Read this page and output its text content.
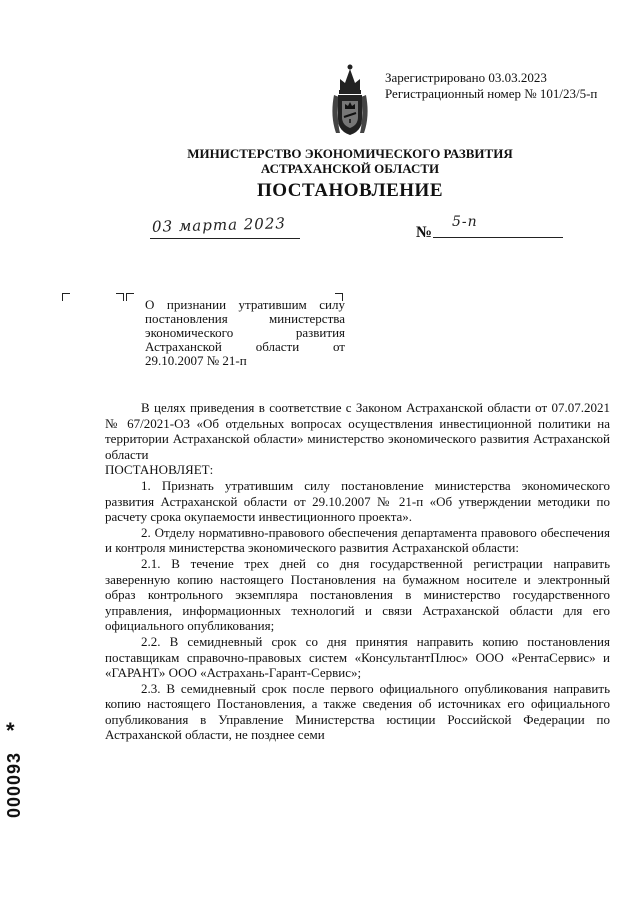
Зарегистрировано 03.03.2023
Регистрационный номер № 101/23/5-п
МИНИСТЕРСТВО ЭКОНОМИЧЕСКОГО РАЗВИТИЯ
АСТРАХАНСКОЙ ОБЛАСТИ
ПОСТАНОВЛЕНИЕ
03 марта 2023	№
5-п
О признании утратившим силу постановления министерства экономического развития Астраханской области от 29.10.2007 № 21-п

В целях приведения в соответствие с Законом Астраханской области от 07.07.2021 № 67/2021-ОЗ «Об отдельных вопросах осуществления инвестиционной политики на территории Астраханской области» министерство экономического развития Астраханской области

ПОСТАНОВЛЯЕТ:

1. Признать утратившим силу постановление министерства экономического развития Астраханской области от 29.10.2007 № 21-п «Об утверждении методики по расчету срока окупаемости инвестиционного проекта».

2. Отделу нормативно-правового обеспечения департамента правового обеспечения и контроля министерства экономического развития Астраханской области:

2.1. В течение трех дней со дня государственной регистрации направить заверенную копию настоящего Постановления на бумажном носителе и электронный образ контрольного экземпляра постановления в министерство государственного управления, информационных технологий и связи Астраханской области для его официального опубликования;

2.2. В семидневный срок со дня принятия направить копию постановления поставщикам справочно-правовых систем «КонсультантПлюс» ООО «РентаСервис» и «ГАРАНТ» ООО «Астрахань-Гарант-Сервис»;

2.3. В семидневный срок после первого официального опубликования направить копию настоящего Постановления, а также сведения об источниках его официального опубликования в Управление Министерства юстиции Российской Федерации по Астраханской области, не позднее семи

*
000093
